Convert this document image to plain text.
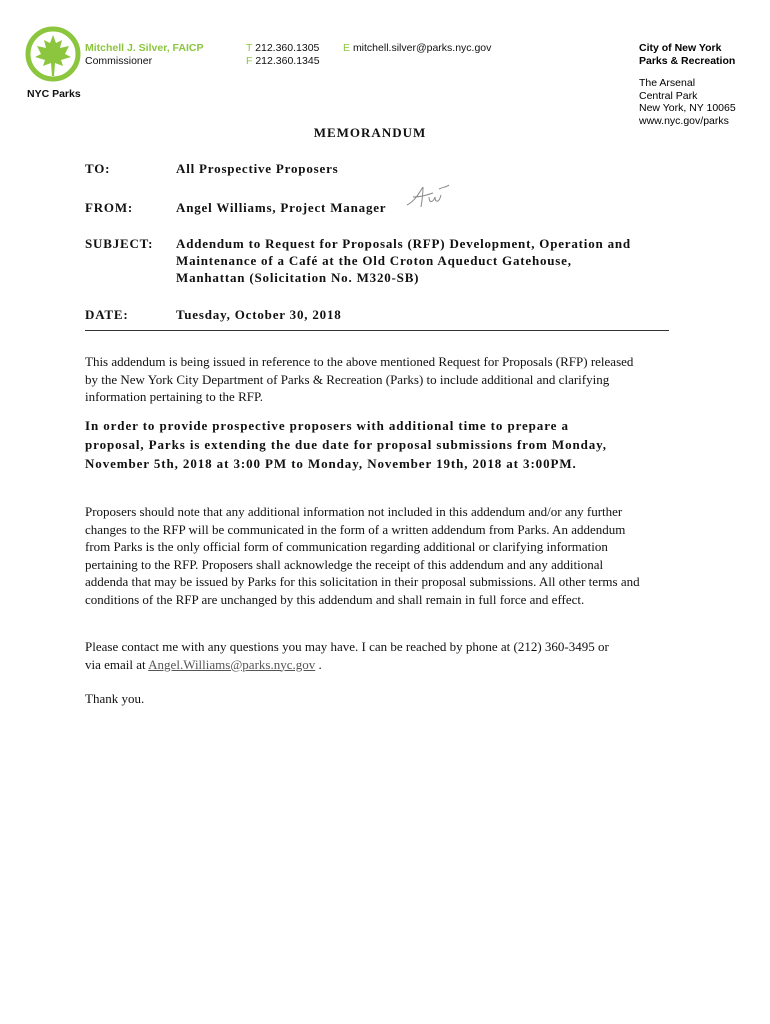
NYC Parks
Mitchell J. Silver, FAICP
Commissioner
T 212.360.1305
F 212.360.1345
E mitchell.silver@parks.nyc.gov	City of New York
Parks & Recreation
The Arsenal
Central Park
New York, NY 10065
www.nyc.gov/parks
MEMORANDUM
TO:	All Prospective Proposers
FROM:	Angel Williams, Project Manager
SUBJECT:	Addendum to Request for Proposals (RFP) Development, Operation and Maintenance of a Café at the Old Croton Aqueduct Gatehouse, Manhattan (Solicitation No. M320-SB)
DATE:	Tuesday, October 30, 2018
This addendum is being issued in reference to the above mentioned Request for Proposals (RFP) released by the New York City Department of Parks & Recreation (Parks) to include additional and clarifying information pertaining to the RFP.
In order to provide prospective proposers with additional time to prepare a proposal, Parks is extending the due date for proposal submissions from Monday, November 5th, 2018 at 3:00 PM to Monday, November 19th, 2018 at 3:00PM.
Proposers should note that any additional information not included in this addendum and/or any further changes to the RFP will be communicated in the form of a written addendum from Parks. An addendum from Parks is the only official form of communication regarding additional or clarifying information pertaining to the RFP. Proposers shall acknowledge the receipt of this addendum and any additional addenda that may be issued by Parks for this solicitation in their proposal submissions. All other terms and conditions of the RFP are unchanged by this addendum and shall remain in full force and effect.
Please contact me with any questions you may have. I can be reached by phone at (212) 360-3495 or via email at Angel.Williams@parks.nyc.gov .
Thank you.
